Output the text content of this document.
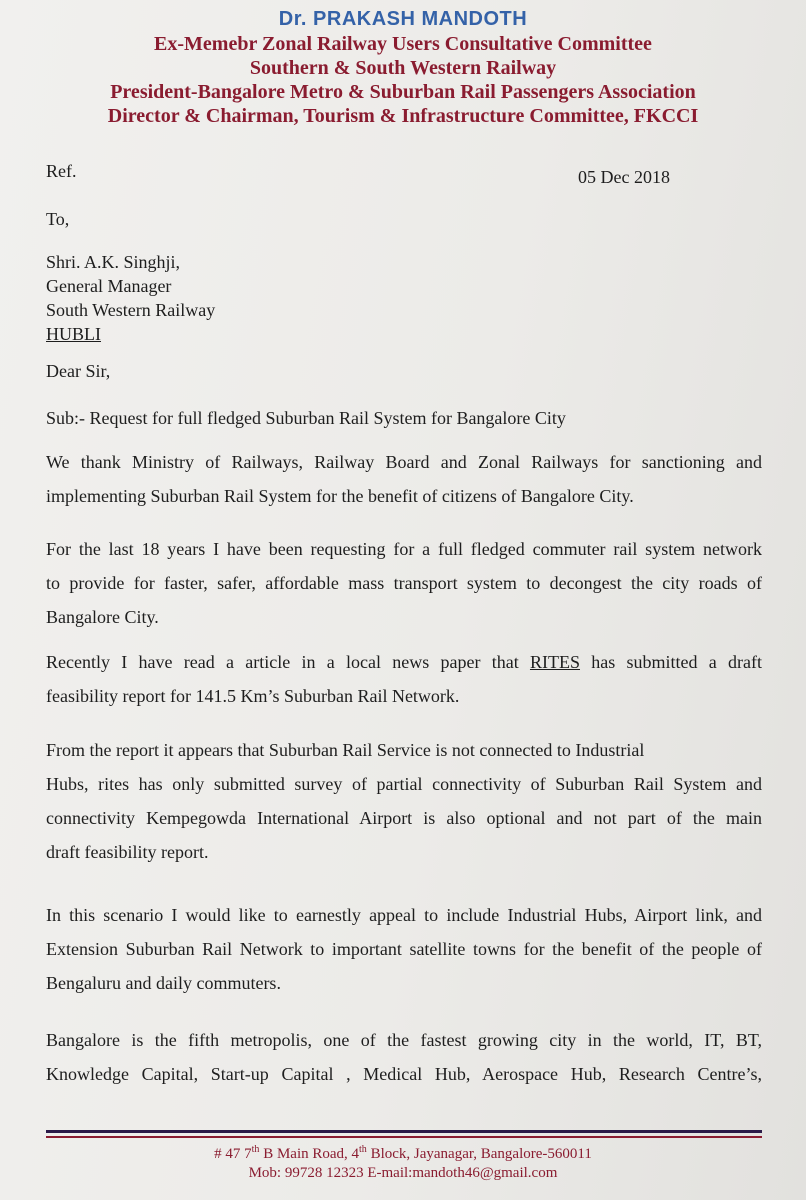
Dr. PRAKASH MANDOTH
Ex-Memebr Zonal Railway Users Consultative Committee
Southern & South Western Railway
President-Bangalore Metro & Suburban Rail Passengers Association
Director & Chairman, Tourism & Infrastructure Committee, FKCCI
Ref.	05 Dec 2018
To,
Shri. A.K. Singhji,
General Manager
South Western Railway
HUBLI
Dear Sir,
Sub:- Request for full fledged Suburban Rail System for Bangalore City
We thank Ministry of Railways, Railway Board and Zonal Railways for sanctioning and
implementing Suburban Rail System for the benefit of citizens of Bangalore City.
For the last 18 years I have been requesting for a full fledged commuter rail system network
to provide for faster, safer, affordable mass transport system to decongest the city roads of
Bangalore City.
Recently I have read a article in a local news paper that RITES has submitted a draft
feasibility report for 141.5 Km’s Suburban Rail Network.
From the report it appears that Suburban Rail Service is not connected to Industrial
Hubs, rites has only submitted survey of partial connectivity of Suburban Rail System and
connectivity Kempegowda International Airport is also optional and not part of the main
draft feasibility report.
In this scenario I would like to earnestly appeal to include Industrial Hubs, Airport link, and
Extension Suburban Rail Network to important satellite towns for the benefit of the people of
Bengaluru and daily commuters.
Bangalore is the fifth metropolis, one of the fastest growing city in the world, IT, BT,
Knowledge Capital, Start-up Capital , Medical Hub, Aerospace Hub, Research Centre’s,
# 47 7th B Main Road, 4th Block, Jayanagar, Bangalore-560011
Mob: 99728 12323 E-mail:mandoth46@gmail.com
